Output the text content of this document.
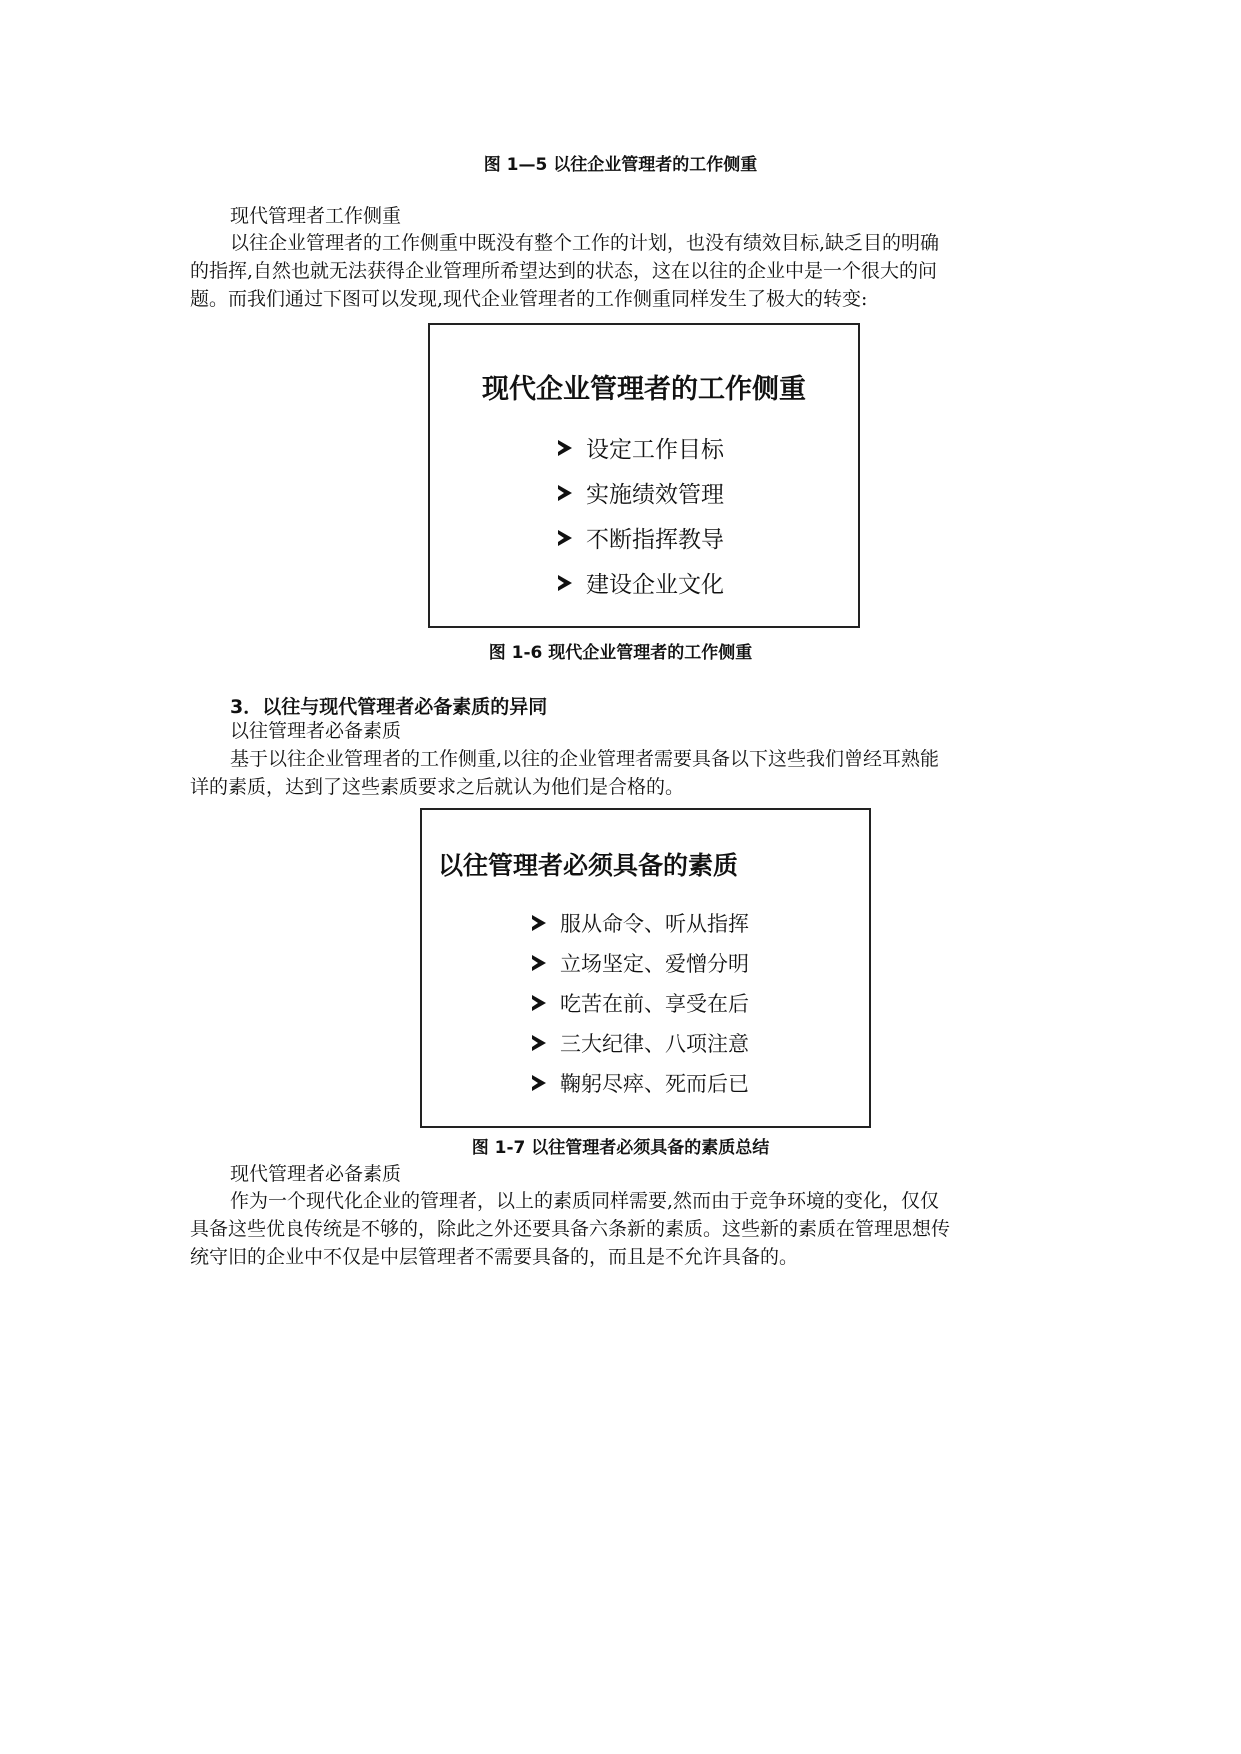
图 1—5 以往企业管理者的工作侧重
现代管理者工作侧重
以往企业管理者的工作侧重中既没有整个工作的计划，也没有绩效目标,缺乏目的明确
的指挥,自然也就无法获得企业管理所希望达到的状态，这在以往的企业中是一个很大的问
题。而我们通过下图可以发现,现代企业管理者的工作侧重同样发生了极大的转变:
现代企业管理者的工作侧重
设定工作目标
实施绩效管理
不断指挥教导
建设企业文化
图 1-6 现代企业管理者的工作侧重
3．以往与现代管理者必备素质的异同
以往管理者必备素质
基于以往企业管理者的工作侧重,以往的企业管理者需要具备以下这些我们曾经耳熟能
详的素质，达到了这些素质要求之后就认为他们是合格的。
以往管理者必须具备的素质
服从命令、听从指挥
立场坚定、爱憎分明
吃苦在前、享受在后
三大纪律、八项注意
鞠躬尽瘁、死而后已
图 1-7 以往管理者必须具备的素质总结
现代管理者必备素质
作为一个现代化企业的管理者，以上的素质同样需要,然而由于竞争环境的变化，仅仅
具备这些优良传统是不够的，除此之外还要具备六条新的素质。这些新的素质在管理思想传
统守旧的企业中不仅是中层管理者不需要具备的，而且是不允许具备的。
